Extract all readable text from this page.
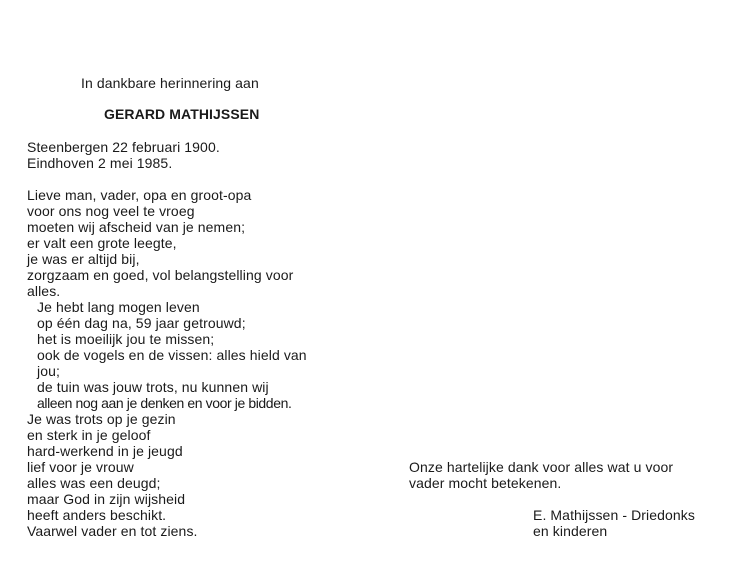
In dankbare herinnering aan
GERARD MATHIJSSEN
Steenbergen 22 februari 1900.
Eindhoven 2 mei 1985.
Lieve man, vader, opa en groot-opa
voor ons nog veel te vroeg
moeten wij afscheid van je nemen;
er valt een grote leegte,
je was er altijd bij,
zorgzaam en goed, vol belangstelling voor
alles.
Je hebt lang mogen leven
op één dag na, 59 jaar getrouwd;
het is moeilijk jou te missen;
ook de vogels en de vissen: alles hield van
jou;
de tuin was jouw trots, nu kunnen wij
alleen nog aan je denken en voor je bidden.
Je was trots op je gezin
en sterk in je geloof
hard-werkend in je jeugd
lief voor je vrouw
alles was een deugd;
maar God in zijn wijsheid
heeft anders beschikt.
Vaarwel vader en tot ziens.
Onze hartelijke dank voor alles wat u voor
vader mocht betekenen.
E. Mathijssen - Driedonks
en kinderen
